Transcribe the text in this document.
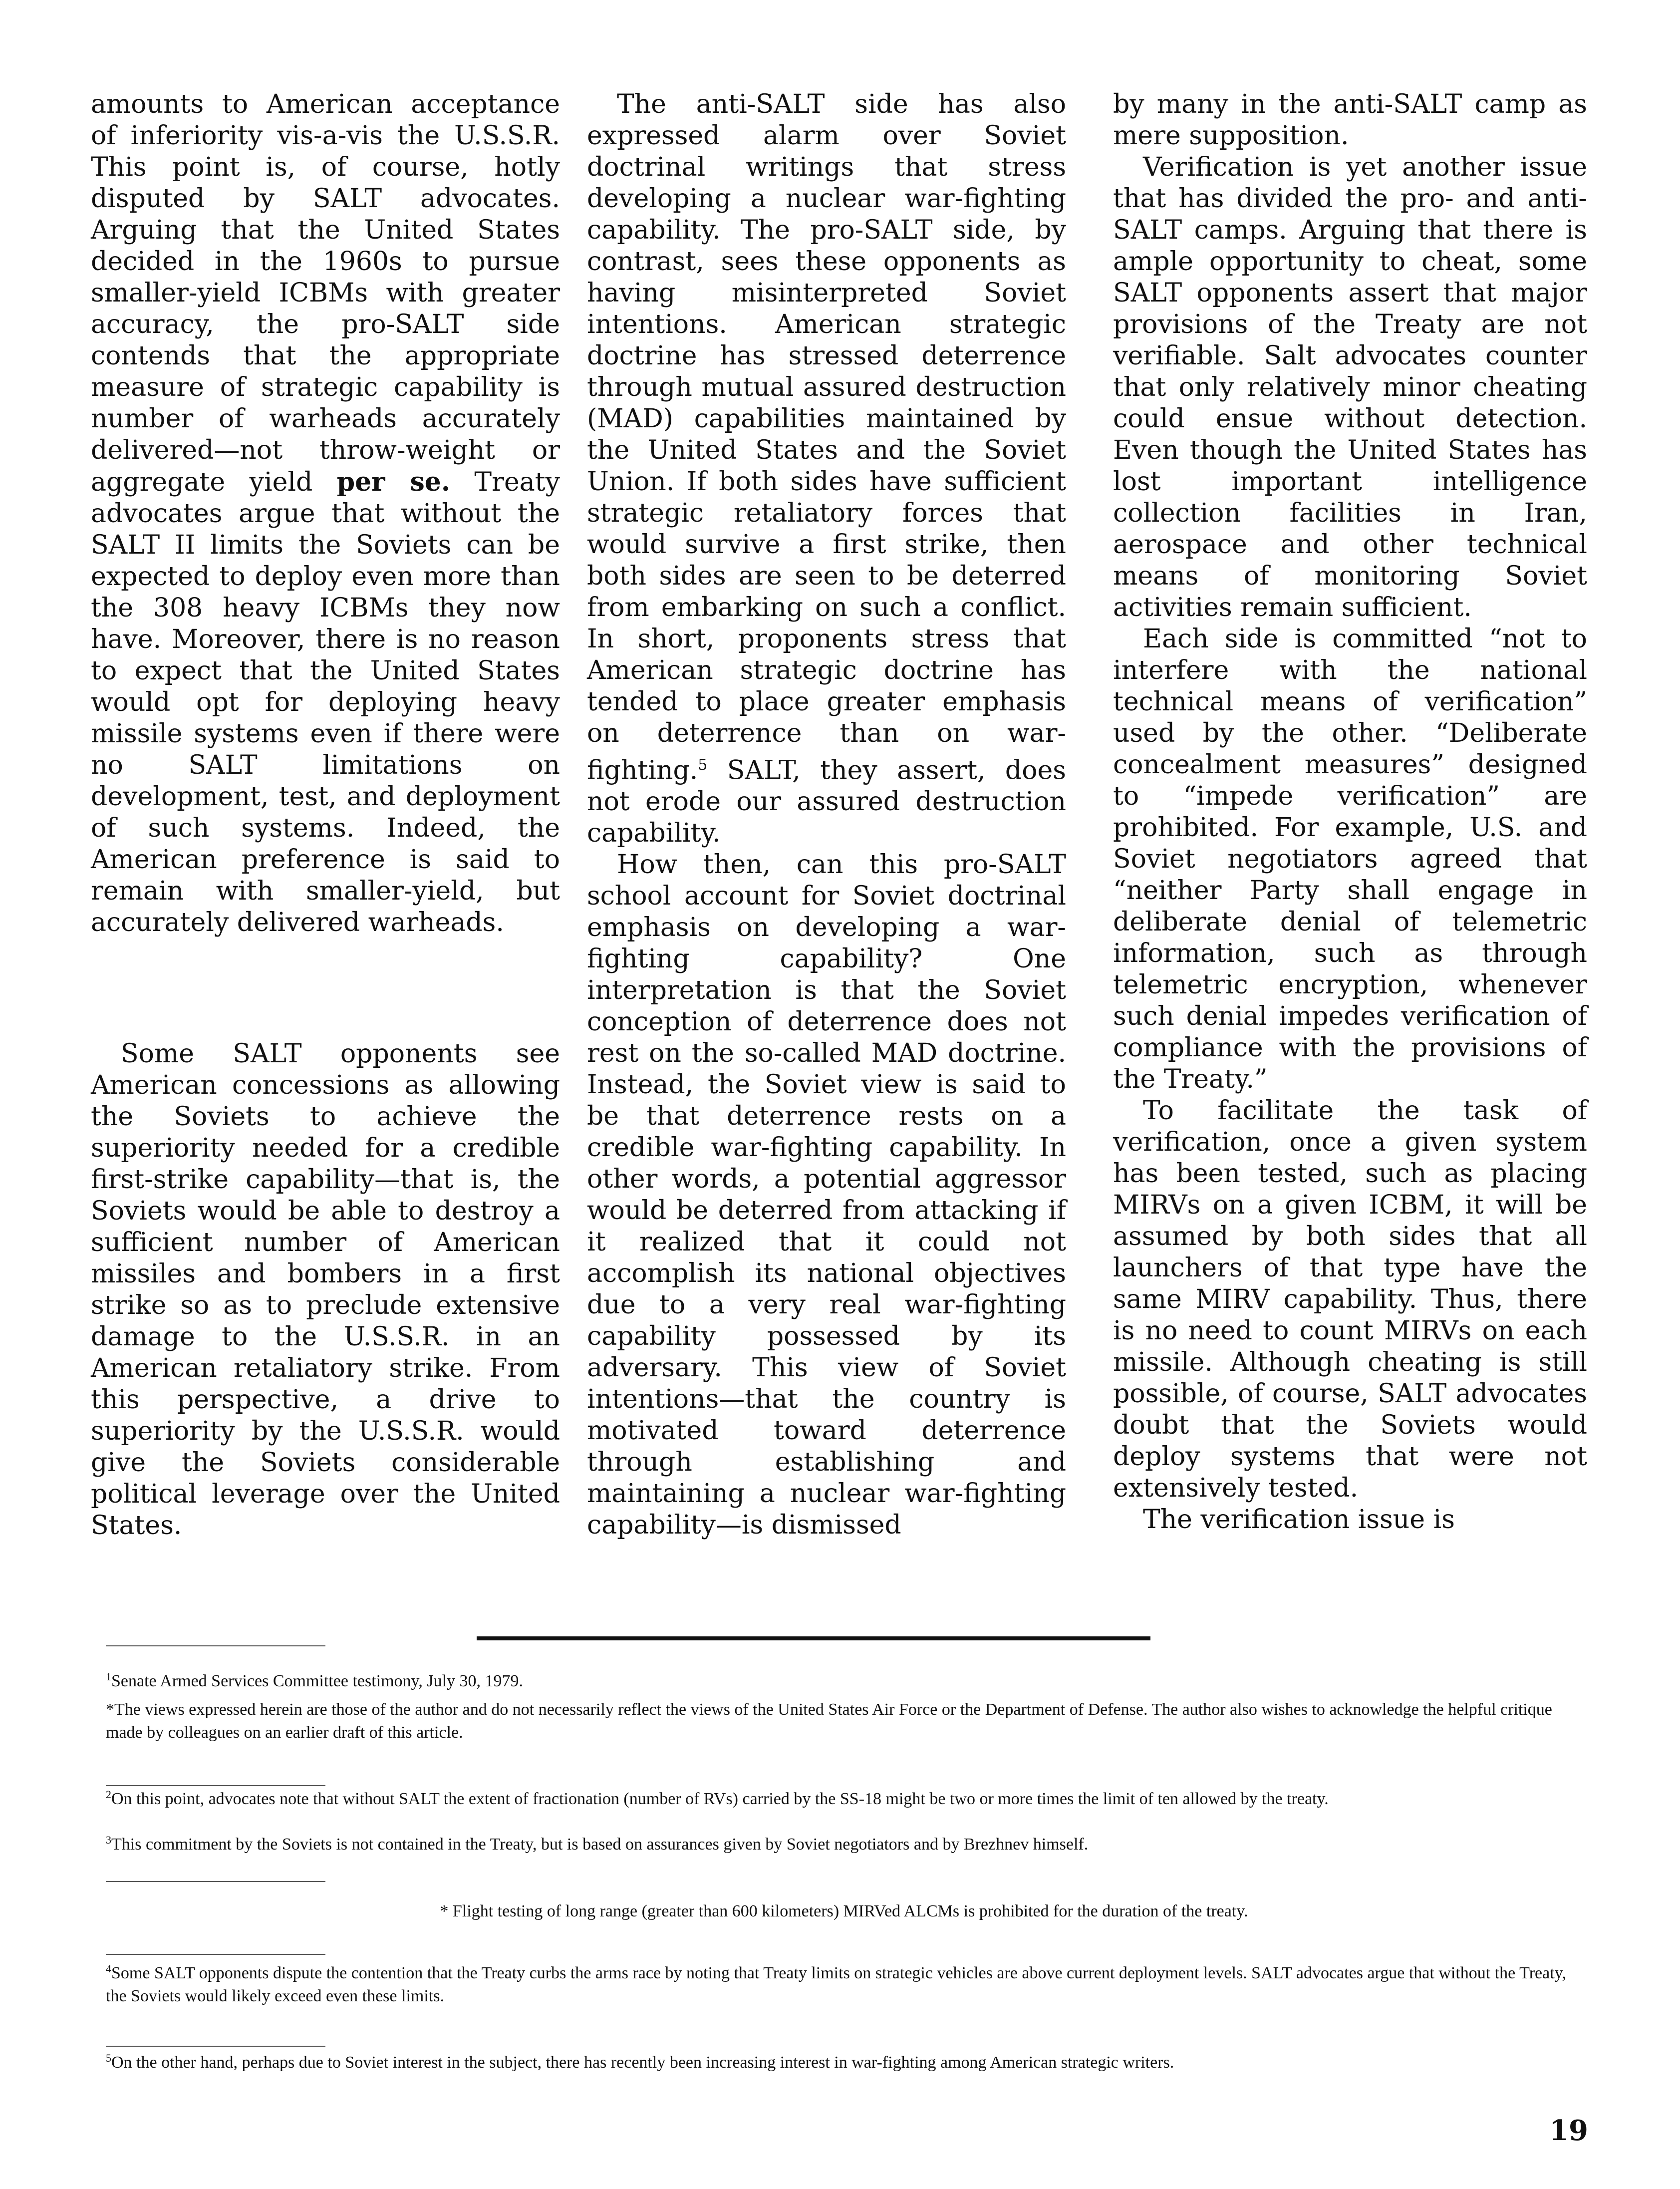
amounts to American acceptance of inferiority vis-a-vis the U.S.S.R. This point is, of course, hotly disputed by SALT advocates. Arguing that the United States decided in the 1960s to pursue smaller-yield ICBMs with greater accuracy, the pro-SALT side contends that the appropriate measure of strategic capability is number of warheads accurately delivered—not throw-weight or aggregate yield per se. Treaty advocates argue that without the SALT II limits the Soviets can be expected to deploy even more than the 308 heavy ICBMs they now have. Moreover, there is no reason to expect that the United States would opt for deploying heavy missile systems even if there were no SALT limitations on development, test, and deployment of such systems. Indeed, the American preference is said to remain with smaller-yield, but accurately delivered warheads.

Some SALT opponents see American concessions as allowing the Soviets to achieve the superiority needed for a credible first-strike capability—that is, the Soviets would be able to destroy a sufficient number of American missiles and bombers in a first strike so as to preclude extensive damage to the U.S.S.R. in an American retaliatory strike. From this perspective, a drive to superiority by the U.S.S.R. would give the Soviets considerable political leverage over the United States.

The anti-SALT side has also expressed alarm over Soviet doctrinal writings that stress developing a nuclear war-fighting capability. The pro-SALT side, by contrast, sees these opponents as having misinterpreted Soviet intentions. American strategic doctrine has stressed deterrence through mutual assured destruction (MAD) capabilities maintained by the United States and the Soviet Union. If both sides have sufficient strategic retaliatory forces that would survive a first strike, then both sides are seen to be deterred from embarking on such a conflict. In short, proponents stress that American strategic doctrine has tended to place greater emphasis on deterrence than on war-fighting.$^5$ SALT, they assert, does not erode our assured destruction capability.

How then, can this pro-SALT school account for Soviet doctrinal emphasis on developing a war-fighting capability? One interpretation is that the Soviet conception of deterrence does not rest on the so-called MAD doctrine. Instead, the Soviet view is said to be that deterrence rests on a credible war-fighting capability. In other words, a potential aggressor would be deterred from attacking if it realized that it could not accomplish its national objectives due to a very real war-fighting capability possessed by its adversary. This view of Soviet intentions—that the country is motivated toward deterrence through establishing and maintaining a nuclear war-fighting capability—is dismissed

by many in the anti-SALT camp as mere supposition.

Verification is yet another issue that has divided the pro- and anti-SALT camps. Arguing that there is ample opportunity to cheat, some SALT opponents assert that major provisions of the Treaty are not verifiable. Salt advocates counter that only relatively minor cheating could ensue without detection. Even though the United States has lost important intelligence collection facilities in Iran, aerospace and other technical means of monitoring Soviet activities remain sufficient.

Each side is committed “not to interfere with the national technical means of verification” used by the other. “Deliberate concealment measures” designed to “impede verification” are prohibited. For example, U.S. and Soviet negotiators agreed that “neither Party shall engage in deliberate denial of telemetric information, such as through telemetric encryption, whenever such denial impedes verification of compliance with the provisions of the Treaty.”

To facilitate the task of verification, once a given system has been tested, such as placing MIRVs on a given ICBM, it will be assumed by both sides that all launchers of that type have the same MIRV capability. Thus, there is no need to count MIRVs on each missile. Although cheating is still possible, of course, SALT advocates doubt that the Soviets would deploy systems that were not extensively tested.

The verification issue is

$^1$Senate Armed Services Committee testimony, July 30, 1979.

*The views expressed herein are those of the author and do not necessarily reflect the views of the United States Air Force or the Department of Defense. The author also wishes to acknowledge the helpful critique made by colleagues on an earlier draft of this article.

$^2$On this point, advocates note that without SALT the extent of fractionation (number of RVs) carried by the SS-18 might be two or more times the limit of ten allowed by the treaty.

$^3$This commitment by the Soviets is not contained in the Treaty, but is based on assurances given by Soviet negotiators and by Brezhnev himself.

* Flight testing of long range (greater than 600 kilometers) MIRVed ALCMs is prohibited for the duration of the treaty.

$^4$Some SALT opponents dispute the contention that the Treaty curbs the arms race by noting that Treaty limits on strategic vehicles are above current deployment levels. SALT advocates argue that without the Treaty, the Soviets would likely exceed even these limits.

$^5$On the other hand, perhaps due to Soviet interest in the subject, there has recently been increasing interest in war-fighting among American strategic writers.

19
